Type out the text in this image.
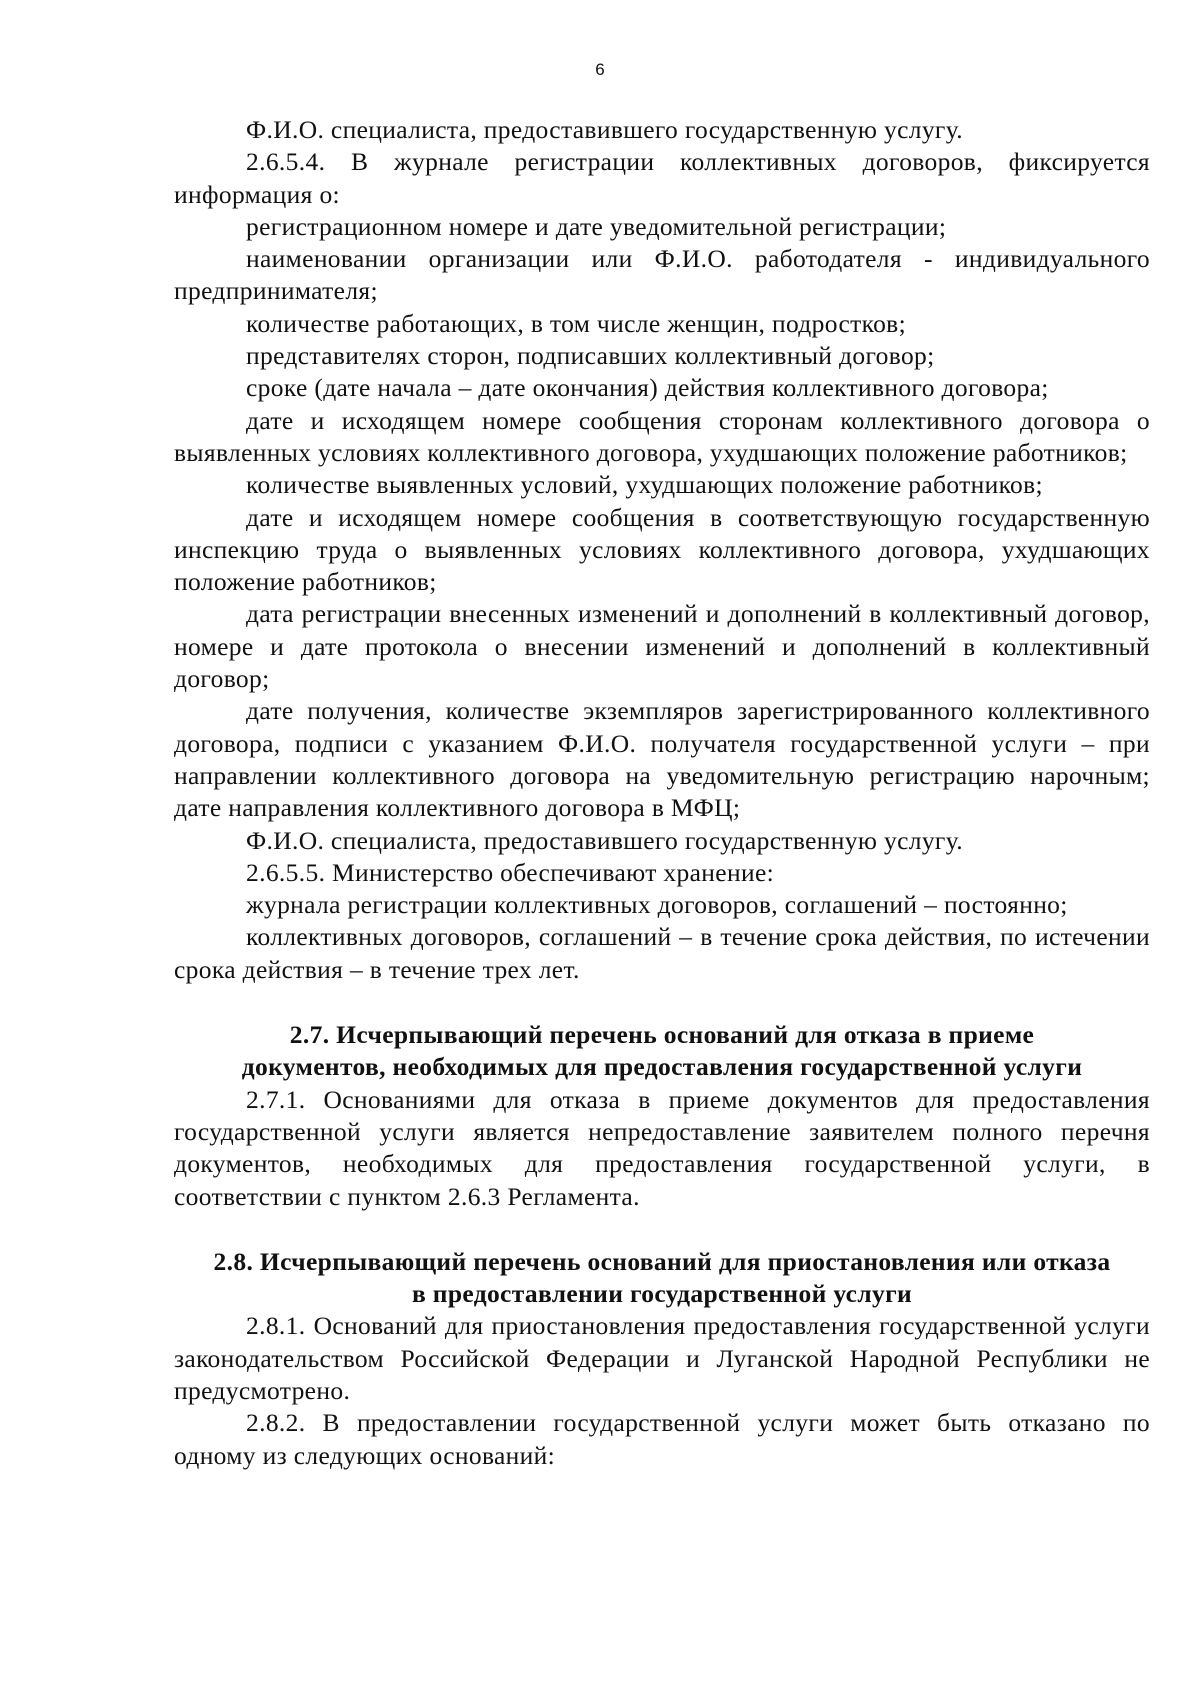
6

Ф.И.О. специалиста, предоставившего государственную услугу.

2.6.5.4. В журнале регистрации коллективных договоров, фиксируется информация о:

регистрационном номере и дате уведомительной регистрации;

наименовании организации или Ф.И.О. работодателя - индивидуального предпринимателя;

количестве работающих, в том числе женщин, подростков;

представителях сторон, подписавших коллективный договор;

сроке (дате начала – дате окончания) действия коллективного договора;

дате и исходящем номере сообщения сторонам коллективного договора о выявленных условиях коллективного договора, ухудшающих положение работников;

количестве выявленных условий, ухудшающих положение работников;

дате и исходящем номере сообщения в соответствующую государственную инспекцию труда о выявленных условиях коллективного договора, ухудшающих положение работников;

дата регистрации внесенных изменений и дополнений в коллективный договор, номере и дате протокола о внесении изменений и дополнений в коллективный договор;

дате получения, количестве экземпляров зарегистрированного коллективного договора, подписи с указанием Ф.И.О. получателя государственной услуги – при направлении коллективного договора на уведомительную регистрацию нарочным; дате направления коллективного договора в МФЦ;

Ф.И.О. специалиста, предоставившего государственную услугу.

2.6.5.5. Министерство обеспечивают хранение:

журнала регистрации коллективных договоров, соглашений – постоянно;

коллективных договоров, соглашений – в течение срока действия, по истечении срока действия – в течение трех лет.

2.7. Исчерпывающий перечень оснований для отказа в приеме
документов, необходимых для предоставления государственной услуги

2.7.1. Основаниями для отказа в приеме документов для предоставления государственной услуги является непредоставление заявителем полного перечня документов, необходимых для предоставления государственной услуги, в соответствии с пунктом 2.6.3 Регламента.

2.8. Исчерпывающий перечень оснований для приостановления или отказа
в предоставлении государственной услуги

2.8.1. Оснований для приостановления предоставления государственной услуги законодательством Российской Федерации и Луганской Народной Республики не предусмотрено.

2.8.2. В предоставлении государственной услуги может быть отказано по одному из следующих оснований:
